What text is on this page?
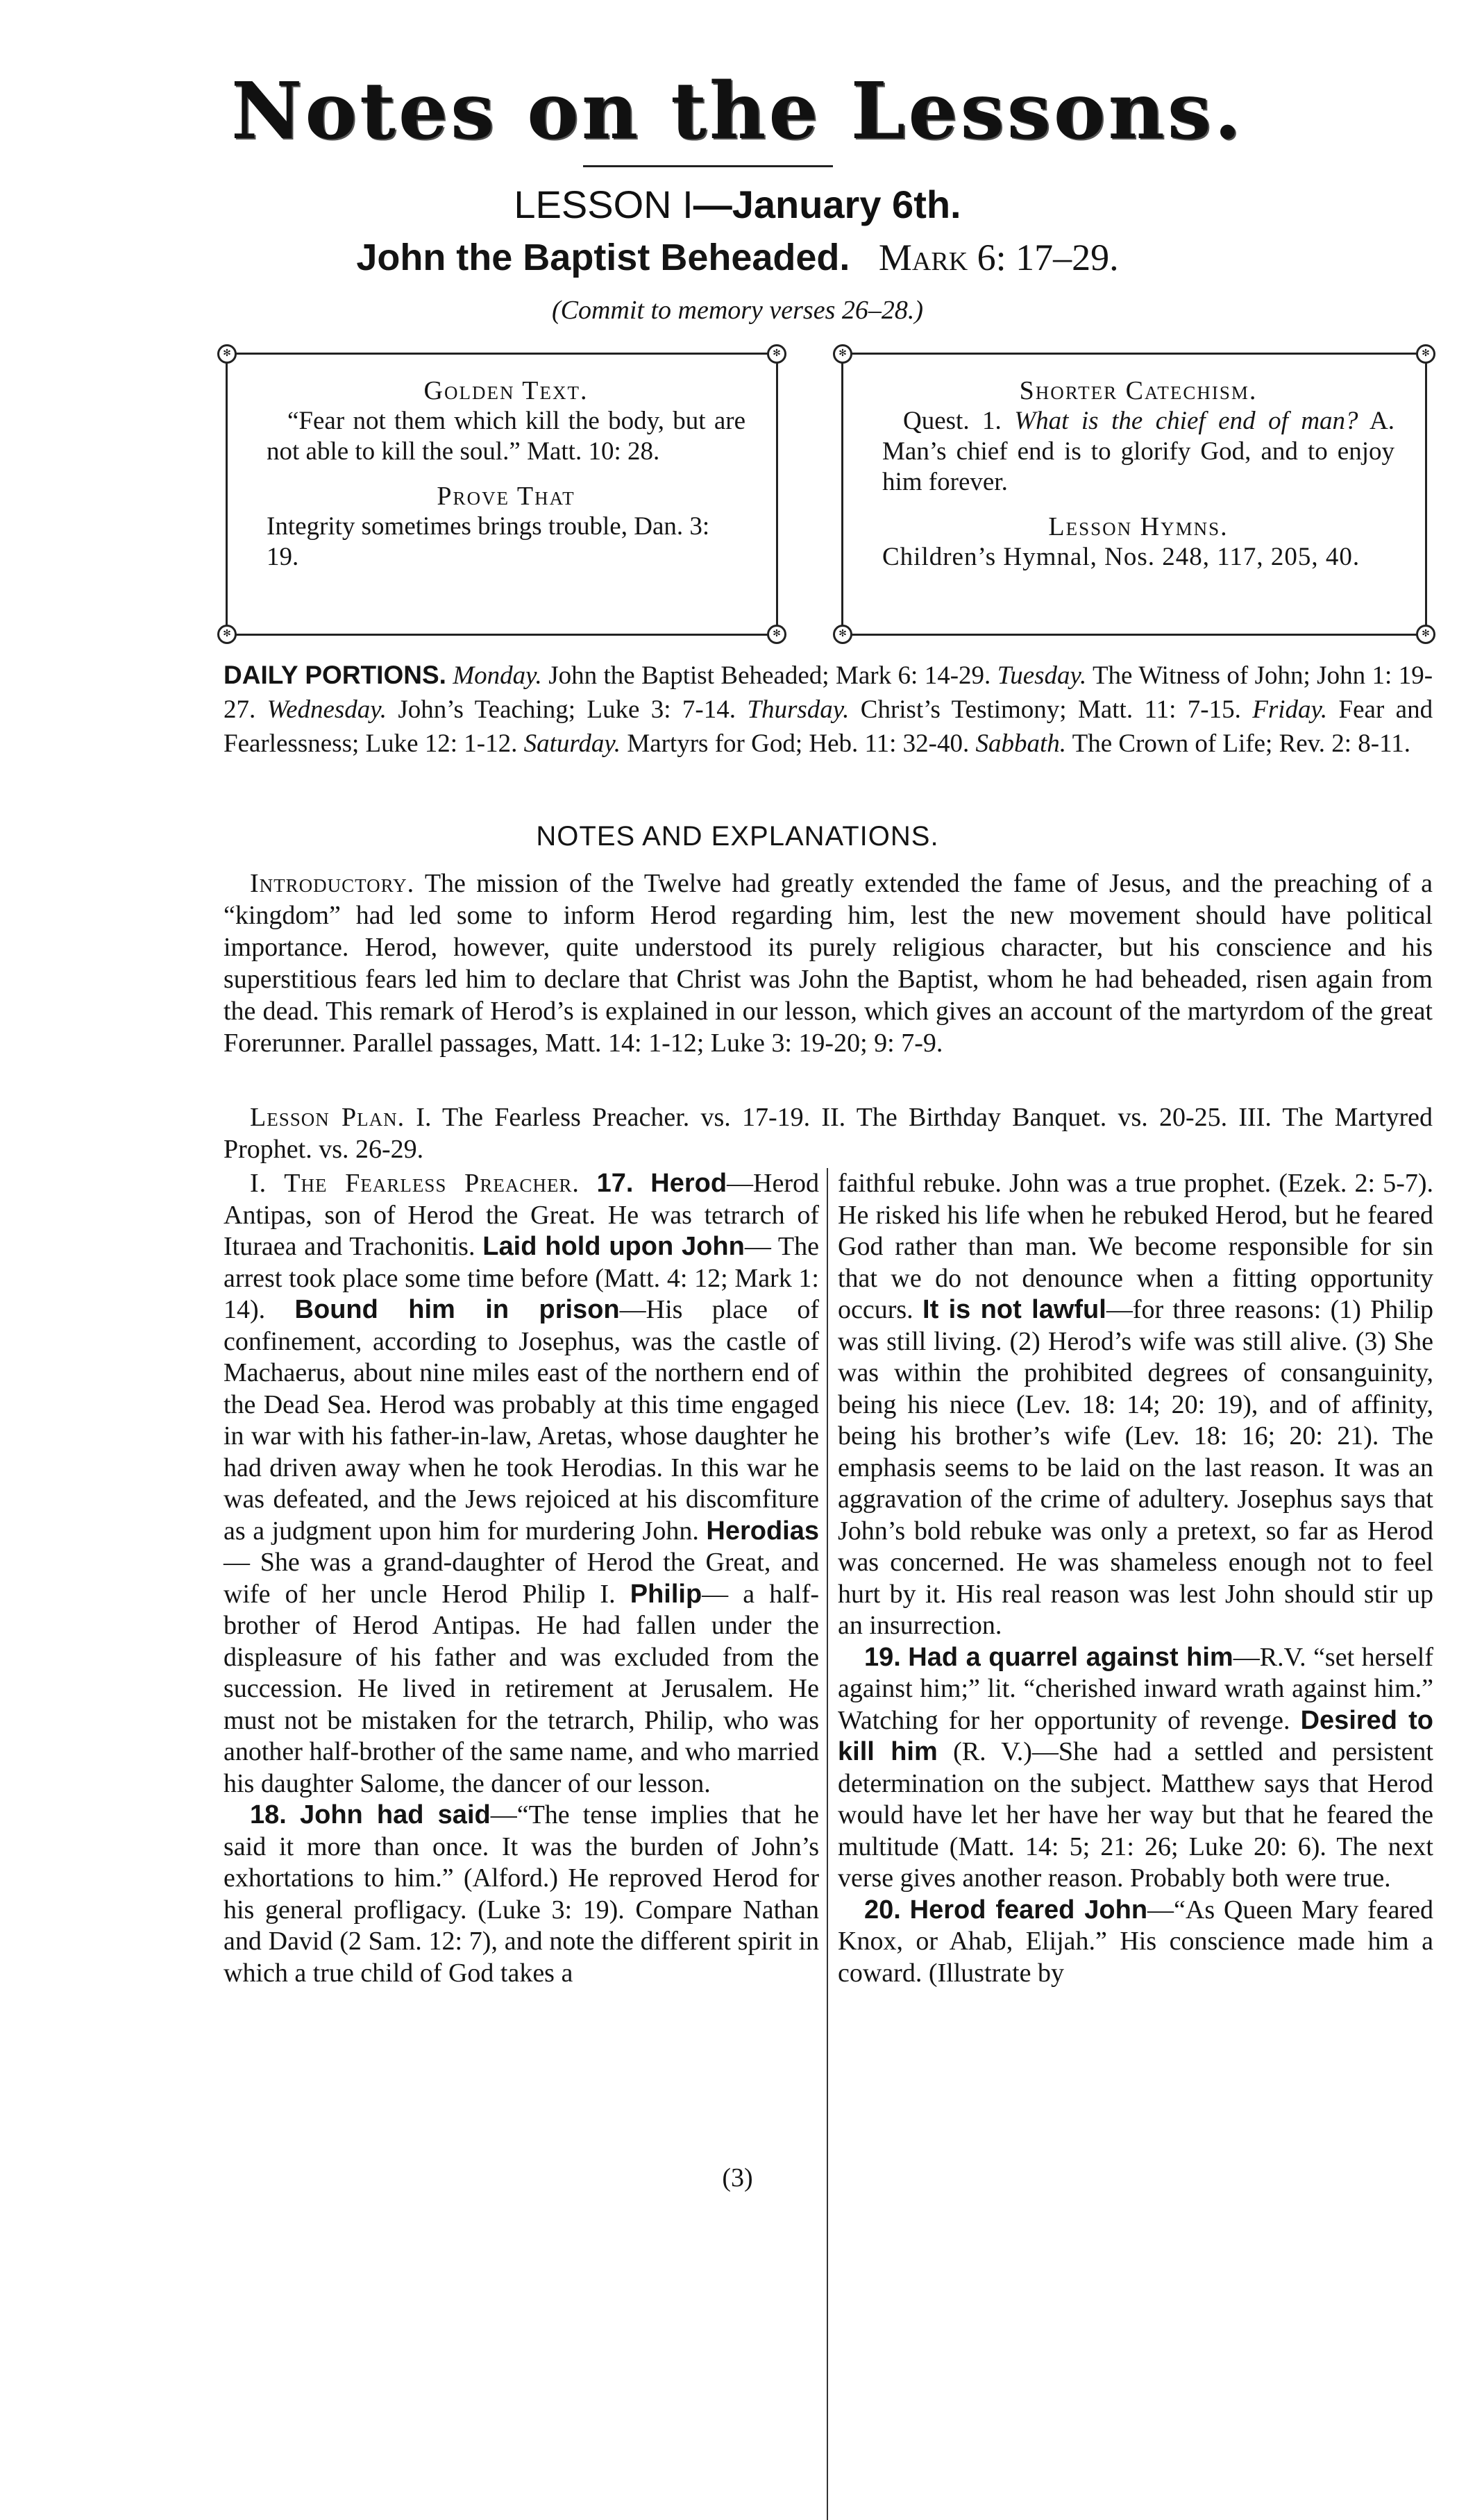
Notes on the Lessons.
LESSON I—January 6th.
John the Baptist Beheaded. Mark 6: 17–29.
(Commit to memory verses 26–28.)
✻	✻
✻	✻
Golden Text.
“Fear not them which kill the body, but are not able to kill the soul.” Matt. 10: 28.
Prove That
Integrity sometimes brings trouble, Dan. 3: 19.
✻	✻
✻	✻
Shorter Catechism.
Quest. 1. What is the chief end of man? A. Man’s chief end is to glorify God, and to enjoy him forever.
Lesson Hymns.
Children’s Hymnal, Nos. 248, 117, 205, 40.
DAILY PORTIONS. Monday. John the Baptist Beheaded; Mark 6: 14-29. Tuesday. The Witness of John; John 1: 19-27. Wednesday. John’s Teaching; Luke 3: 7-14. Thursday. Christ’s Testimony; Matt. 11: 7-15. Friday. Fear and Fearlessness; Luke 12: 1-12. Saturday. Martyrs for God; Heb. 11: 32-40. Sabbath. The Crown of Life; Rev. 2: 8-11.
NOTES AND EXPLANATIONS.
Introductory. The mission of the Twelve had greatly extended the fame of Jesus, and the preaching of a “kingdom” had led some to inform Herod regarding him, lest the new movement should have political importance. Herod, however, quite understood its purely religious character, but his conscience and his superstitious fears led him to declare that Christ was John the Baptist, whom he had beheaded, risen again from the dead. This remark of Herod’s is explained in our lesson, which gives an account of the martyrdom of the great Forerunner. Parallel passages, Matt. 14: 1-12; Luke 3: 19-20; 9: 7-9.
Lesson Plan. I. The Fearless Preacher. vs. 17-19. II. The Birthday Banquet. vs. 20-25. III. The Martyred Prophet. vs. 26-29.

I. The Fearless Preacher. 17. Herod—Herod Antipas, son of Herod the Great. He was tetrarch of Ituraea and Trachonitis. Laid hold upon John— The arrest took place some time before (Matt. 4: 12; Mark 1: 14). Bound him in prison—His place of confinement, according to Josephus, was the castle of Machaerus, about nine miles east of the northern end of the Dead Sea. Herod was probably at this time engaged in war with his father-in-law, Aretas, whose daughter he had driven away when he took Herodias. In this war he was defeated, and the Jews rejoiced at his discomfiture as a judgment upon him for murdering John. Herodias— She was a grand-daughter of Herod the Great, and wife of her uncle Herod Philip I. Philip— a half-brother of Herod Antipas. He had fallen under the displeasure of his father and was excluded from the succession. He lived in retirement at Jerusalem. He must not be mistaken for the tetrarch, Philip, who was another half-brother of the same name, and who married his daughter Salome, the dancer of our lesson.

18. John had said—“The tense implies that he said it more than once. It was the burden of John’s exhortations to him.” (Alford.) He reproved Herod for his general profligacy. (Luke 3: 19). Compare Nathan and David (2 Sam. 12: 7), and note the different spirit in which a true child of God takes a

faithful rebuke. John was a true prophet. (Ezek. 2: 5-7). He risked his life when he rebuked Herod, but he feared God rather than man. We become responsible for sin that we do not denounce when a fitting opportunity occurs. It is not lawful—for three reasons: (1) Philip was still living. (2) Herod’s wife was still alive. (3) She was within the prohibited degrees of consanguinity, being his niece (Lev. 18: 14; 20: 19), and of affinity, being his brother’s wife (Lev. 18: 16; 20: 21). The emphasis seems to be laid on the last reason. It was an aggravation of the crime of adultery. Josephus says that John’s bold rebuke was only a pretext, so far as Herod was concerned. He was shameless enough not to feel hurt by it. His real reason was lest John should stir up an insurrection.

19. Had a quarrel against him—R.V. “set herself against him;” lit. “cherished inward wrath against him.” Watching for her opportunity of revenge. Desired to kill him (R. V.)—She had a settled and persistent determination on the subject. Matthew says that Herod would have let her have her way but that he feared the multitude (Matt. 14: 5; 21: 26; Luke 20: 6). The next verse gives another reason. Probably both were true.

20. Herod feared John—“As Queen Mary feared Knox, or Ahab, Elijah.” His conscience made him a coward. (Illustrate by

(3)
